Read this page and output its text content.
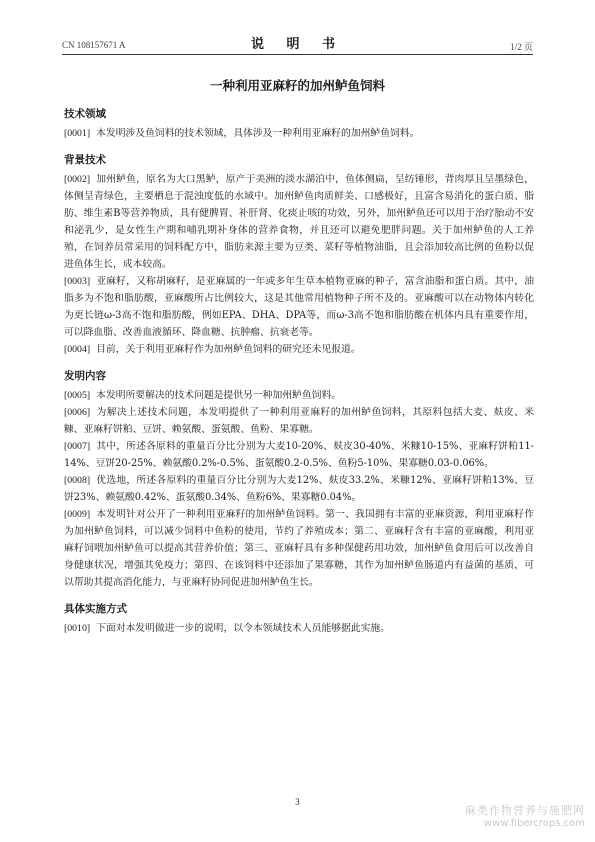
CN 108157671 A	说 明 书	1/2 页
一种利用亚麻籽的加州鲈鱼饲料
技术领域

[0001] 本发明涉及鱼饲料的技术领域，具体涉及一种利用亚麻籽的加州鲈鱼饲料。

背景技术

[0002] 加州鲈鱼，原名为大口黑鲈，原产于美洲的淡水湖泊中，鱼体侧扁，呈纺锤形，背肉厚且呈墨绿色，体侧呈青绿色，主要栖息于混浊度低的水域中。加州鲈鱼肉质鲜美、口感极好，且富含易消化的蛋白质、脂肪、维生素B等营养物质，具有健脾胃、补肝肾、化痰止咳的功效，另外，加州鲈鱼还可以用于治疗胎动不安和泌乳少，是女性生产期和哺乳期补身体的营养食物，并且还可以避免肥胖问题。关于加州鲈鱼的人工养殖，在饲养员常采用的饲料配方中，脂肪来源主要为豆类、菜籽等植物油脂，且会添加较高比例的鱼粉以促进鱼体生长，成本较高。

[0003] 亚麻籽，又称胡麻籽，是亚麻属的一年或多年生草本植物亚麻的种子，富含油脂和蛋白质。其中，油脂多为不饱和脂肪酸，亚麻酸所占比例较大，这是其他常用植物种子所不及的。亚麻酸可以在动物体内转化为更长链ω-3高不饱和脂肪酸，例如EPA、DHA、DPA等，而ω-3高不饱和脂肪酸在机体内具有重要作用，可以降血脂、改善血液循环、降血糖、抗肿瘤、抗衰老等。

[0004] 目前，关于利用亚麻籽作为加州鲈鱼饲料的研究还未见报道。

发明内容

[0005] 本发明所要解决的技术问题是提供另一种加州鲈鱼饲料。

[0006] 为解决上述技术问题，本发明提供了一种利用亚麻籽的加州鲈鱼饲料，其原料包括大麦、麸皮、米糠、亚麻籽饼粕、豆饼、赖氨酸、蛋氨酸、鱼粉、果寡糖。

[0007] 其中，所述各原料的重量百分比分别为大麦10-20%、麸皮30-40%、米糠10-15%、亚麻籽饼粕11-14%、豆饼20-25%、赖氨酸0.2%-0.5%、蛋氨酸0.2-0.5%、鱼粉5-10%、果寡糖0.03-0.06%。

[0008] 优选地，所述各原料的重量百分比分别为大麦12%、麸皮33.2%、米糠12%、亚麻籽饼粕13%、豆饼23%、赖氨酸0.42%、蛋氨酸0.34%、鱼粉6%、果寡糖0.04%。

[0009] 本发明针对公开了一种利用亚麻籽的加州鲈鱼饲料。第一、我国拥有丰富的亚麻资源，利用亚麻籽作为加州鲈鱼饲料，可以减少饲料中鱼粉的使用，节约了养殖成本；第二、亚麻籽含有丰富的亚麻酸，利用亚麻籽饲喂加州鲈鱼可以提高其营养价值；第三、亚麻籽具有多种保健药用功效，加州鲈鱼食用后可以改善自身健康状况，增强其免疫力；第四、在该饲料中还添加了果寡糖，其作为加州鲈鱼肠道内有益菌的基质，可以帮助其提高消化能力，与亚麻籽协同促进加州鲈鱼生长。

具体实施方式

[0010] 下面对本发明做进一步的说明，以令本领域技术人员能够据此实施。

3
麻类作物营养与施肥网
www.fibercrops.com
